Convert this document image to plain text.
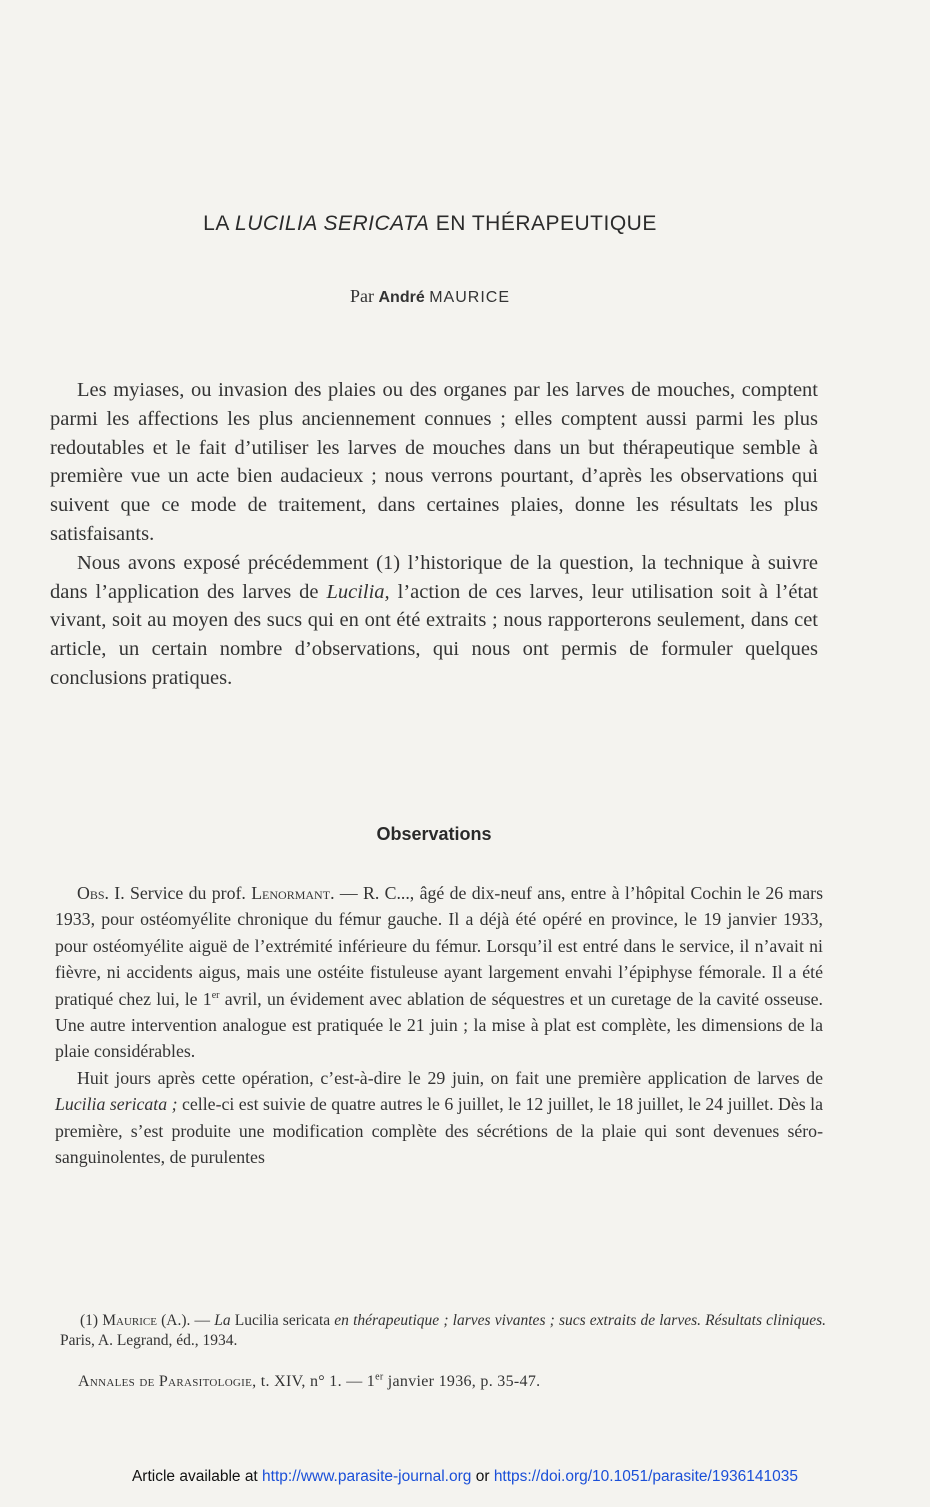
LA LUCILIA SERICATA EN THÉRAPEUTIQUE
Par André MAURICE

Les myiases, ou invasion des plaies ou des organes par les larves de mouches, comptent parmi les affections les plus anciennement connues ; elles comptent aussi parmi les plus redoutables et le fait d’utiliser les larves de mouches dans un but thérapeutique semble à première vue un acte bien audacieux ; nous verrons pourtant, d’après les observations qui suivent que ce mode de traitement, dans certaines plaies, donne les résultats les plus satisfaisants.

Nous avons exposé précédemment (1) l’historique de la question, la technique à suivre dans l’application des larves de Lucilia, l’action de ces larves, leur utilisation soit à l’état vivant, soit au moyen des sucs qui en ont été extraits ; nous rapporterons seulement, dans cet article, un certain nombre d’observations, qui nous ont permis de formuler quelques conclusions pratiques.

Observations

Obs. I. Service du prof. Lenormant. — R. C..., âgé de dix-neuf ans, entre à l’hôpital Cochin le 26 mars 1933, pour ostéomyélite chronique du fémur gauche. Il a déjà été opéré en province, le 19 janvier 1933, pour ostéomyélite aiguë de l’extrémité inférieure du fémur. Lorsqu’il est entré dans le service, il n’avait ni fièvre, ni accidents aigus, mais une ostéite fistuleuse ayant largement envahi l’épiphyse fémorale. Il a été pratiqué chez lui, le 1er avril, un évidement avec ablation de séquestres et un curetage de la cavité osseuse. Une autre intervention analogue est pratiquée le 21 juin ; la mise à plat est complète, les dimensions de la plaie considérables.

Huit jours après cette opération, c’est-à-dire le 29 juin, on fait une première application de larves de Lucilia sericata ; celle-ci est suivie de quatre autres le 6 juillet, le 12 juillet, le 18 juillet, le 24 juillet. Dès la première, s’est produite une modification complète des sécrétions de la plaie qui sont devenues séro-sanguinolentes, de purulentes

(1) Maurice (A.). — La Lucilia sericata en thérapeutique ; larves vivantes ; sucs extraits de larves. Résultats cliniques. Paris, A. Legrand, éd., 1934.

Annales de Parasitologie, t. XIV, n° 1. — 1er janvier 1936, p. 35-47.
Article available at http://www.parasite-journal.org or https://doi.org/10.1051/parasite/1936141035
